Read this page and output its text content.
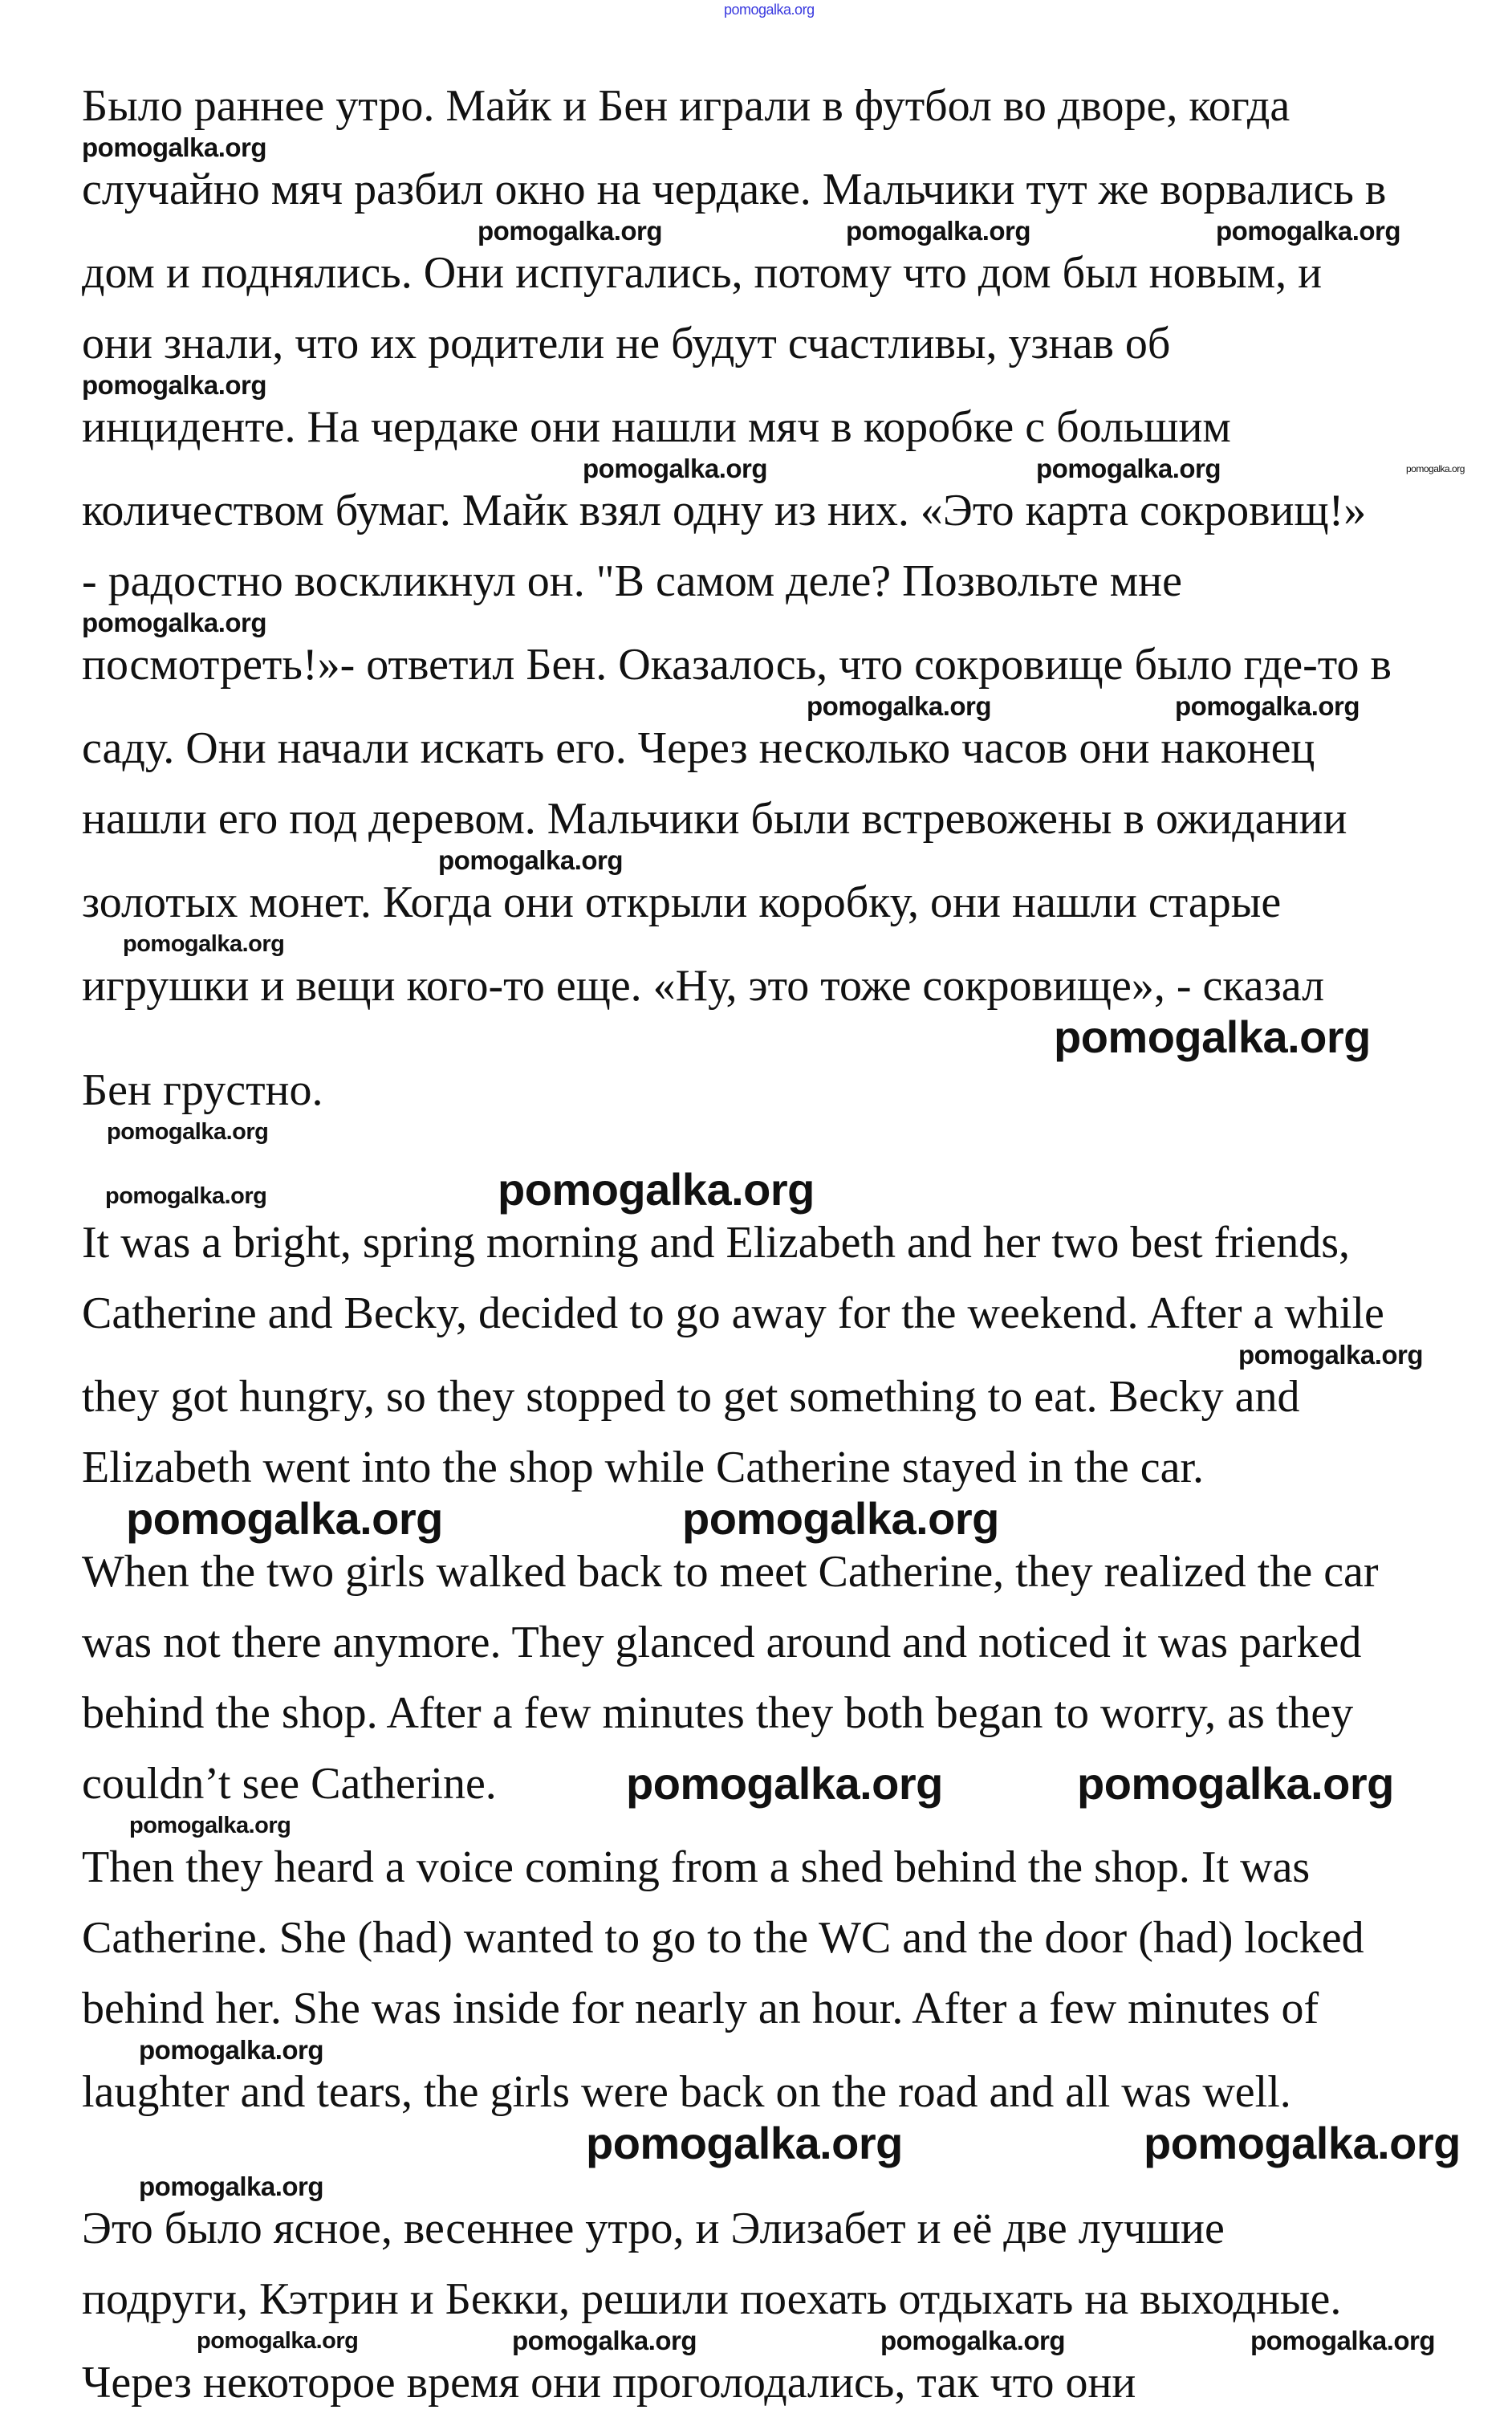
pomogalka.org
Было раннее утро. Майк и Бен играли в футбол во дворе, когда
pomogalka.org
случайно мяч разбил окно на чердаке. Мальчики тут же ворвались в
pomogalka.org	pomogalka.org	pomogalka.org
дом и поднялись. Они испугались, потому что дом был новым, и
они знали, что их родители не будут счастливы, узнав об
pomogalka.org
инциденте. На чердаке они нашли мяч в коробке с большим
pomogalka.org	pomogalka.org	pomogalka.org
количеством бумаг. Майк взял одну из них. «Это карта сокровищ!»
- радостно воскликнул он. "В самом деле? Позвольте мне
pomogalka.org
посмотреть!»- ответил Бен. Оказалось, что сокровище было где-то в
pomogalka.org	pomogalka.org
саду. Они начали искать его. Через несколько часов они наконец
нашли его под деревом. Мальчики были встревожены в ожидании
pomogalka.org
золотых монет. Когда они открыли коробку, они нашли старые
pomogalka.org
игрушки и вещи кого-то еще. «Ну, это тоже сокровище», - сказал
pomogalka.org
Бен грустно.
pomogalka.org
pomogalka.org	pomogalka.org
It was a bright, spring morning and Elizabeth and her two best friends,
Catherine and Becky, decided to go away for the weekend. After a while
pomogalka.org
they got hungry, so they stopped to get something to eat. Becky and
Elizabeth went into the shop while Catherine stayed in the car.
pomogalka.org	pomogalka.org
When the two girls walked back to meet Catherine, they realized the car
was not there anymore. They glanced around and noticed it was parked
behind the shop. After a few minutes they both began to worry, as they
couldn’t see Catherine.	pomogalka.org	pomogalka.org
pomogalka.org
Then they heard a voice coming from a shed behind the shop. It was
Catherine. She (had) wanted to go to the WC and the door (had) locked
behind her. She was inside for nearly an hour. After a few minutes of
pomogalka.org
laughter and tears, the girls were back on the road and all was well.
pomogalka.org	pomogalka.org
pomogalka.org
Это было ясное, весеннее утро, и Элизабет и её две лучшие
подруги, Кэтрин и Бекки, решили поехать отдыхать на выходные.
pomogalka.org	pomogalka.org	pomogalka.org	pomogalka.org
Через некоторое время они проголодались, так что они
